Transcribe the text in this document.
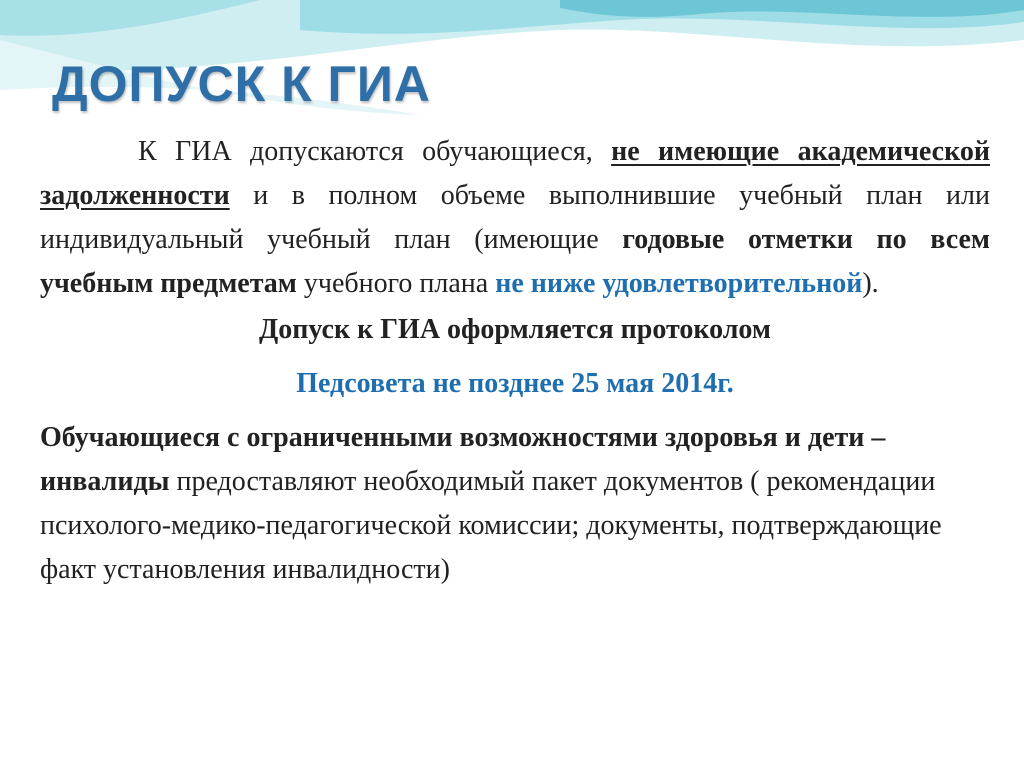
ДОПУСК К ГИА
К ГИА допускаются обучающиеся, не имеющие академической задолженности и в полном объеме выполнившие учебный план или индивидуальный учебный план (имеющие годовые отметки по всем учебным предметам учебного плана не ниже удовлетворительной).
Допуск к ГИА оформляется протоколом
Педсовета не позднее 25 мая 2014г.
Обучающиеся с ограниченными возможностями здоровья и дети – инвалиды предоставляют необходимый пакет документов ( рекомендации психолого-медико-педагогической комиссии; документы, подтверждающие факт установления инвалидности)
